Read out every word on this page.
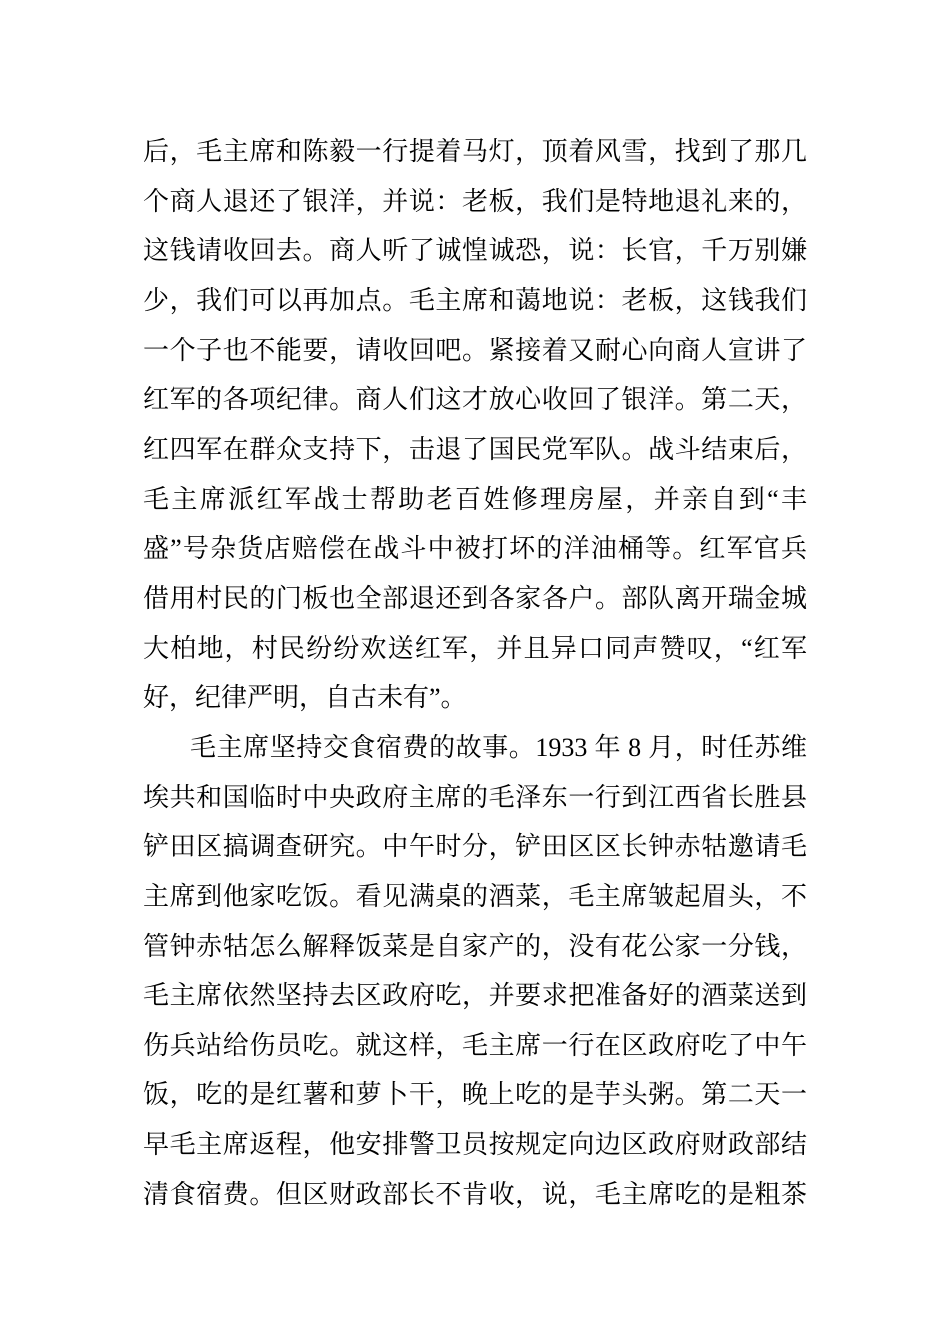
后，毛主席和陈毅一行提着马灯，顶着风雪，找到了那几
个商人退还了银洋，并说：老板，我们是特地退礼来的，
这钱请收回去。商人听了诚惶诚恐，说：长官，千万别嫌
少，我们可以再加点。毛主席和蔼地说：老板，这钱我们
一个子也不能要，请收回吧。紧接着又耐心向商人宣讲了
红军的各项纪律。商人们这才放心收回了银洋。第二天，
红四军在群众支持下，击退了国民党军队。战斗结束后，
毛主席派红军战士帮助老百姓修理房屋，并亲自到“丰
盛”号杂货店赔偿在战斗中被打坏的洋油桶等。红军官兵
借用村民的门板也全部退还到各家各户。部队离开瑞金城
大柏地，村民纷纷欢送红军，并且异口同声赞叹，“红军
好，纪律严明，自古未有”。
毛主席坚持交食宿费的故事。1933 年 8 月，时任苏维
埃共和国临时中央政府主席的毛泽东一行到江西省长胜县
铲田区搞调查研究。中午时分，铲田区区长钟赤牯邀请毛
主席到他家吃饭。看见满桌的酒菜，毛主席皱起眉头，不
管钟赤牯怎么解释饭菜是自家产的，没有花公家一分钱，
毛主席依然坚持去区政府吃，并要求把准备好的酒菜送到
伤兵站给伤员吃。就这样，毛主席一行在区政府吃了中午
饭，吃的是红薯和萝卜干，晚上吃的是芋头粥。第二天一
早毛主席返程，他安排警卫员按规定向边区政府财政部结
清食宿费。但区财政部长不肯收，说，毛主席吃的是粗茶
